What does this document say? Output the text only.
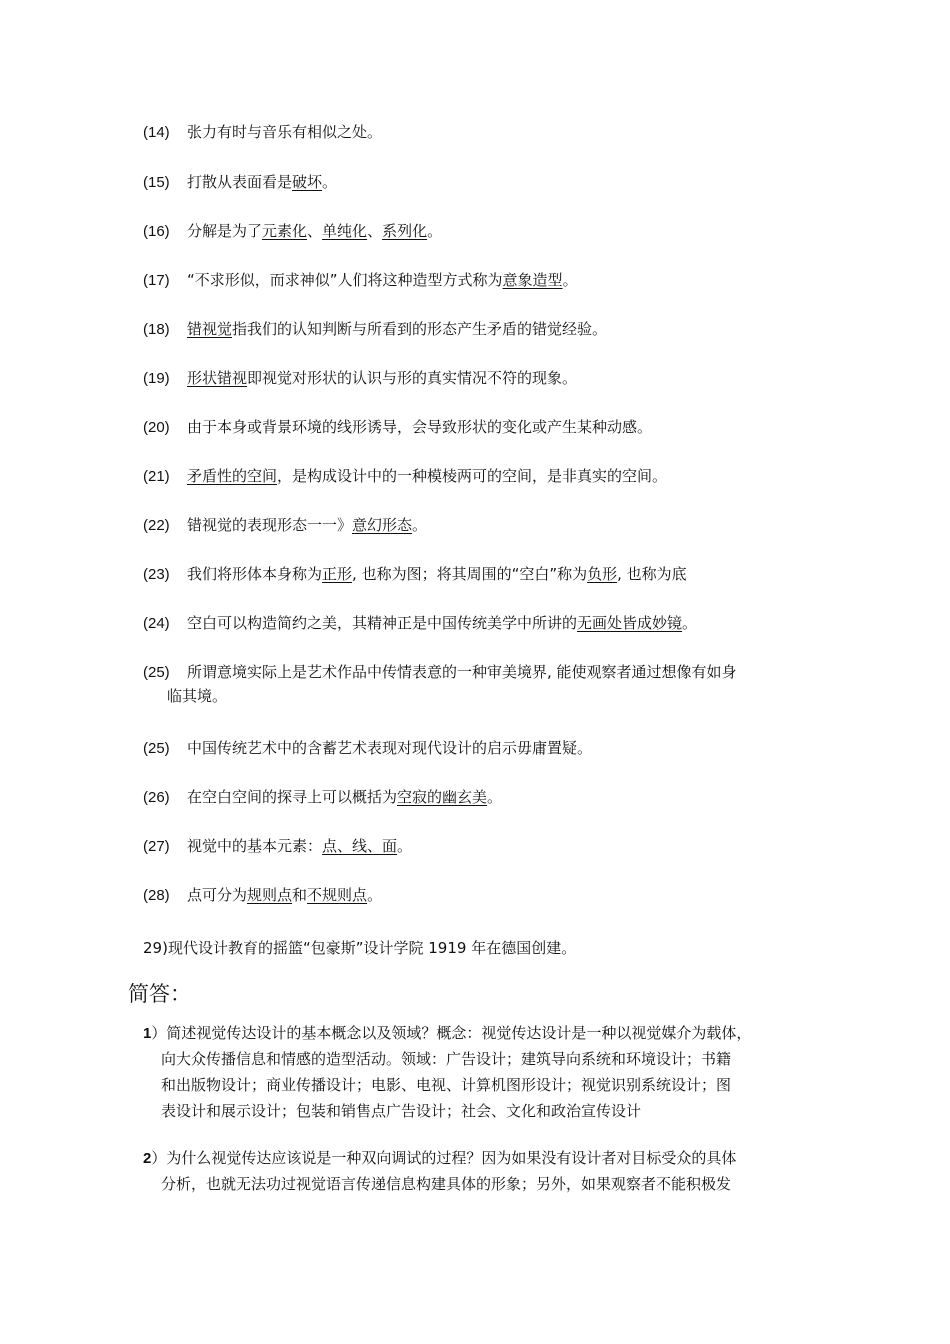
(14) 张力有时与音乐有相似之处。
(15) 打散从表面看是破坏。
(16) 分解是为了元素化、单纯化、系列化。
(17) “不求形似，而求神似”人们将这种造型方式称为意象造型。
(18) 错视觉指我们的认知判断与所看到的形态产生矛盾的错觉经验。
(19) 形状错视即视觉对形状的认识与形的真实情况不符的现象。
(20) 由于本身或背景环境的线形诱导，会导致形状的变化或产生某种动感。
(21) 矛盾性的空间，是构成设计中的一种模棱两可的空间，是非真实的空间。
(22) 错视觉的表现形态一一》意幻形态。
(23) 我们将形体本身称为正形, 也称为图；将其周围的“空白”称为负形, 也称为底
(24) 空白可以构造简约之美，其精神正是中国传统美学中所讲的无画处皆成妙镜。
(25) 所谓意境实际上是艺术作品中传情表意的一种审美境界, 能使观察者通过想像有如身
临其境。
(25) 中国传统艺术中的含蓄艺术表现对现代设计的启示毋庸置疑。
(26) 在空白空间的探寻上可以概括为空寂的幽玄美。
(27) 视觉中的基本元素：点、线、面。
(28) 点可分为规则点和不规则点。
29)现代设计教育的摇篮“包豪斯”设计学院 1919 年在德国创建。
简答：
1）简述视觉传达设计的基本概念以及领域？概念：视觉传达设计是一种以视觉媒介为载体，
向大众传播信息和情感的造型活动。领域：广告设计；建筑导向系统和环境设计；书籍
和出版物设计；商业传播设计；电影、电视、计算机图形设计；视觉识别系统设计；图
表设计和展示设计；包装和销售点广告设计；社会、文化和政治宣传设计
2）为什么视觉传达应该说是一种双向调试的过程？因为如果没有设计者对目标受众的具体
分析，也就无法功过视觉语言传递信息构建具体的形象；另外，如果观察者不能积极发
